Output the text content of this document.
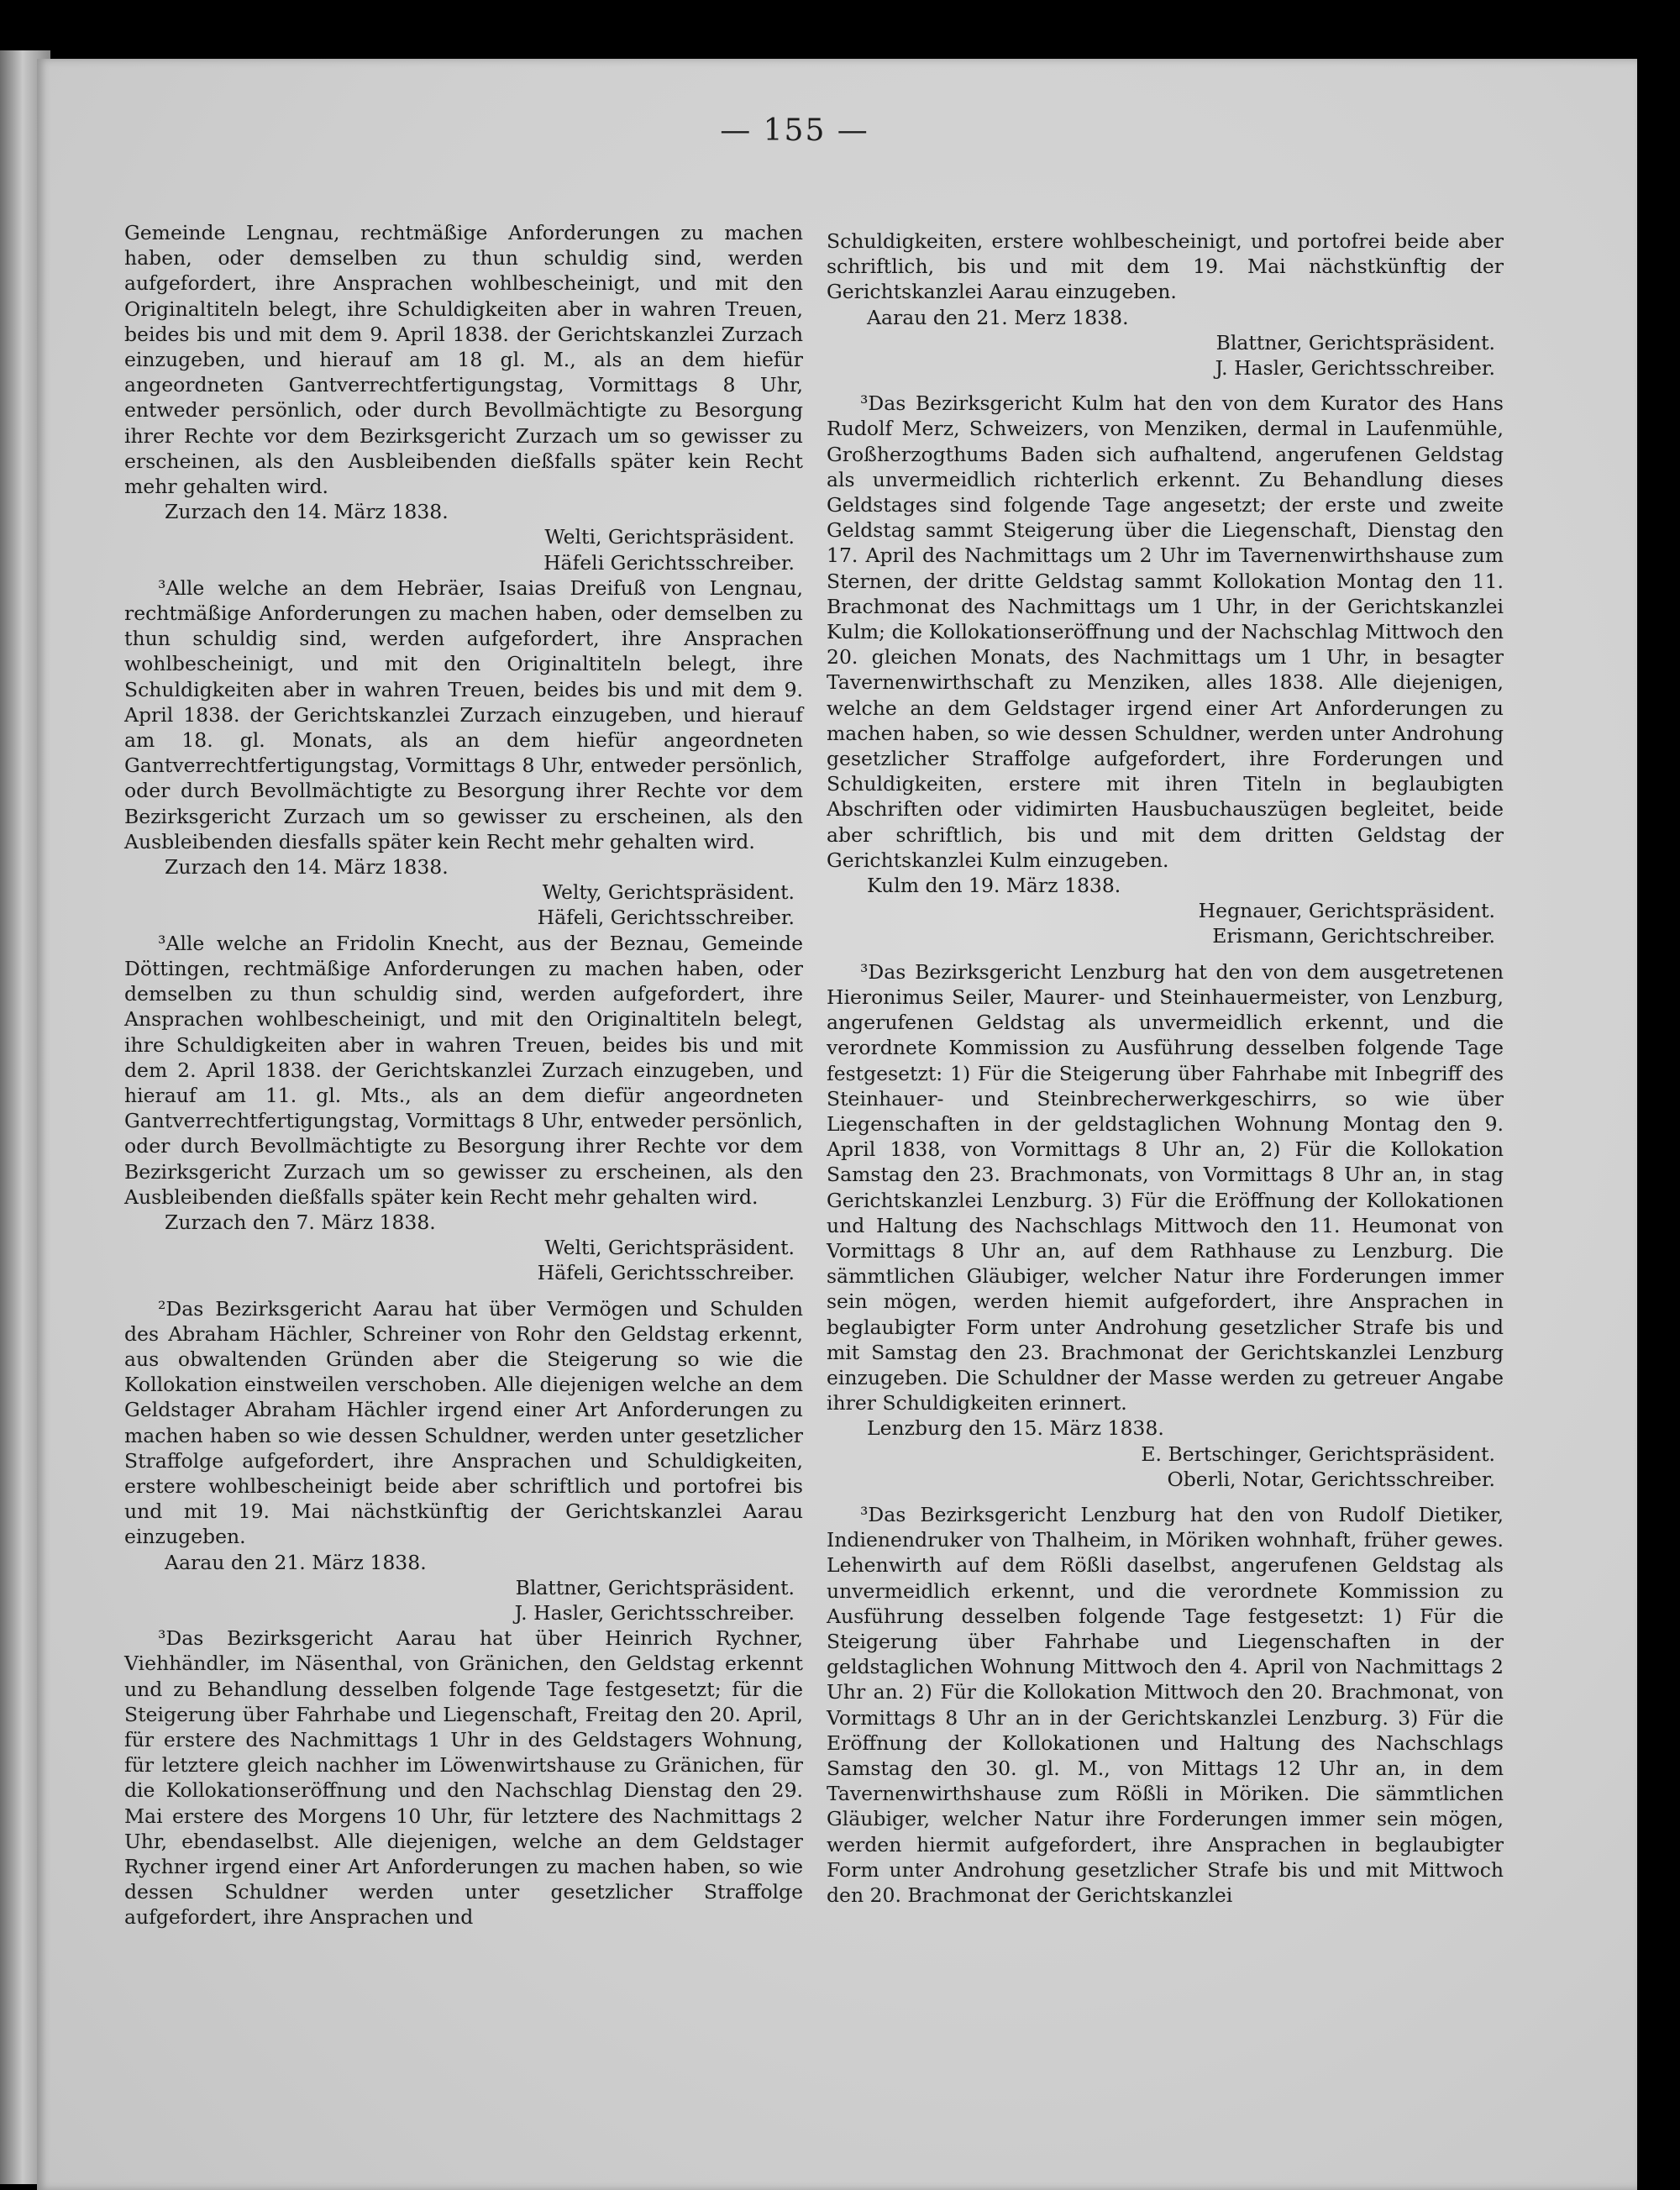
— 155 —

Gemeinde Lengnau, rechtmäßige Anforderungen zu machen haben, oder demselben zu thun schuldig sind, werden aufgefordert, ihre Ansprachen wohlbescheinigt, und mit den Originaltiteln belegt, ihre Schuldigkeiten aber in wahren Treuen, beides bis und mit dem 9. April 1838. der Gerichtskanzlei Zurzach einzugeben, und hierauf am 18 gl. M., als an dem hiefür angeordneten Gantverrechtfertigungstag, Vormittags 8 Uhr, entweder persönlich, oder durch Bevollmächtigte zu Besorgung ihrer Rechte vor dem Bezirksgericht Zurzach um so gewisser zu erscheinen, als den Ausbleibenden dießfalls später kein Recht mehr gehalten wird.

Zurzach den 14. März 1838.

Welti, Gerichtspräsident.

Häfeli Gerichtsschreiber.

³Alle welche an dem Hebräer, Isaias Dreifuß von Lengnau, rechtmäßige Anforderungen zu machen haben, oder demselben zu thun schuldig sind, werden aufgefordert, ihre Ansprachen wohlbescheinigt, und mit den Originaltiteln belegt, ihre Schuldigkeiten aber in wahren Treuen, beides bis und mit dem 9. April 1838. der Gerichtskanzlei Zurzach einzugeben, und hierauf am 18. gl. Monats, als an dem hiefür angeordneten Gantverrechtfertigungstag, Vormittags 8 Uhr, entweder persönlich, oder durch Bevollmächtigte zu Besorgung ihrer Rechte vor dem Bezirksgericht Zurzach um so gewisser zu erscheinen, als den Ausbleibenden diesfalls später kein Recht mehr gehalten wird.

Zurzach den 14. März 1838.

Welty, Gerichtspräsident.

Häfeli, Gerichtsschreiber.

³Alle welche an Fridolin Knecht, aus der Beznau, Gemeinde Döttingen, rechtmäßige Anforderungen zu machen haben, oder demselben zu thun schuldig sind, werden aufgefordert, ihre Ansprachen wohlbescheinigt, und mit den Originaltiteln belegt, ihre Schuldigkeiten aber in wahren Treuen, beides bis und mit dem 2. April 1838. der Gerichtskanzlei Zurzach einzugeben, und hierauf am 11. gl. Mts., als an dem diefür angeordneten Gantverrechtfertigungstag, Vormittags 8 Uhr, entweder persönlich, oder durch Bevollmächtigte zu Besorgung ihrer Rechte vor dem Bezirksgericht Zurzach um so gewisser zu erscheinen, als den Ausbleibenden dießfalls später kein Recht mehr gehalten wird.

Zurzach den 7. März 1838.

Welti, Gerichtspräsident.

Häfeli, Gerichtsschreiber.

²Das Bezirksgericht Aarau hat über Vermögen und Schulden des Abraham Hächler, Schreiner von Rohr den Geldstag erkennt, aus obwaltenden Gründen aber die Steigerung so wie die Kollokation einstweilen verschoben. Alle diejenigen welche an dem Geldstager Abraham Hächler irgend einer Art Anforderungen zu machen haben so wie dessen Schuldner, werden unter gesetzlicher Straffolge aufgefordert, ihre Ansprachen und Schuldigkeiten, erstere wohlbescheinigt beide aber schriftlich und portofrei bis und mit 19. Mai nächstkünftig der Gerichtskanzlei Aarau einzugeben.

Aarau den 21. März 1838.

Blattner, Gerichtspräsident.

J. Hasler, Gerichtsschreiber.

³Das Bezirksgericht Aarau hat über Heinrich Rychner, Viehhändler, im Näsenthal, von Gränichen, den Geldstag erkennt und zu Behandlung desselben folgende Tage festgesetzt; für die Steigerung über Fahrhabe und Liegenschaft, Freitag den 20. April, für erstere des Nachmittags 1 Uhr in des Geldstagers Wohnung, für letztere gleich nachher im Löwenwirtshause zu Gränichen, für die Kollokationseröffnung und den Nachschlag Dienstag den 29. Mai erstere des Morgens 10 Uhr, für letztere des Nachmittags 2 Uhr, ebendaselbst. Alle diejenigen, welche an dem Geldstager Rychner irgend einer Art Anforderungen zu machen haben, so wie dessen Schuldner werden unter gesetzlicher Straffolge aufgefordert, ihre Ansprachen und

Schuldigkeiten, erstere wohlbescheinigt, und portofrei beide aber schriftlich, bis und mit dem 19. Mai nächstkünftig der Gerichtskanzlei Aarau einzugeben.

Aarau den 21. Merz 1838.

Blattner, Gerichtspräsident.

J. Hasler, Gerichtsschreiber.

³Das Bezirksgericht Kulm hat den von dem Kurator des Hans Rudolf Merz, Schweizers, von Menziken, dermal in Laufenmühle, Großherzogthums Baden sich aufhaltend, angerufenen Geldstag als unvermeidlich richterlich erkennt. Zu Behandlung dieses Geldstages sind folgende Tage angesetzt; der erste und zweite Geldstag sammt Steigerung über die Liegenschaft, Dienstag den 17. April des Nachmittags um 2 Uhr im Tavernenwirthshause zum Sternen, der dritte Geldstag sammt Kollokation Montag den 11. Brachmonat des Nachmittags um 1 Uhr, in der Gerichtskanzlei Kulm; die Kollokationseröffnung und der Nachschlag Mittwoch den 20. gleichen Monats, des Nachmittags um 1 Uhr, in besagter Tavernenwirthschaft zu Menziken, alles 1838. Alle diejenigen, welche an dem Geldstager irgend einer Art Anforderungen zu machen haben, so wie dessen Schuldner, werden unter Androhung gesetzlicher Straffolge aufgefordert, ihre Forderungen und Schuldigkeiten, erstere mit ihren Titeln in beglaubigten Abschriften oder vidimirten Hausbuchauszügen begleitet, beide aber schriftlich, bis und mit dem dritten Geldstag der Gerichtskanzlei Kulm einzugeben.

Kulm den 19. März 1838.

Hegnauer, Gerichtspräsident.

Erismann, Gerichtschreiber.

³Das Bezirksgericht Lenzburg hat den von dem ausgetretenen Hieronimus Seiler, Maurer- und Steinhauermeister, von Lenzburg, angerufenen Geldstag als unvermeidlich erkennt, und die verordnete Kommission zu Ausführung desselben folgende Tage festgesetzt: 1) Für die Steigerung über Fahrhabe mit Inbegriff des Steinhauer- und Steinbrecherwerkgeschirrs, so wie über Liegenschaften in der geldstaglichen Wohnung Montag den 9. April 1838, von Vormittags 8 Uhr an, 2) Für die Kollokation Samstag den 23. Brachmonats, von Vormittags 8 Uhr an, in stag Gerichtskanzlei Lenzburg. 3) Für die Eröffnung der Kollokationen und Haltung des Nachschlags Mittwoch den 11. Heumonat von Vormittags 8 Uhr an, auf dem Rathhause zu Lenzburg. Die sämmtlichen Gläubiger, welcher Natur ihre Forderungen immer sein mögen, werden hiemit aufgefordert, ihre Ansprachen in beglaubigter Form unter Androhung gesetzlicher Strafe bis und mit Samstag den 23. Brachmonat der Gerichtskanzlei Lenzburg einzugeben. Die Schuldner der Masse werden zu getreuer Angabe ihrer Schuldigkeiten erinnert.

Lenzburg den 15. März 1838.

E. Bertschinger, Gerichtspräsident.

Oberli, Notar, Gerichtsschreiber.

³Das Bezirksgericht Lenzburg hat den von Rudolf Dietiker, Indienendruker von Thalheim, in Möriken wohnhaft, früher gewes. Lehenwirth auf dem Rößli daselbst, angerufenen Geldstag als unvermeidlich erkennt, und die verordnete Kommission zu Ausführung desselben folgende Tage festgesetzt: 1) Für die Steigerung über Fahrhabe und Liegenschaften in der geldstaglichen Wohnung Mittwoch den 4. April von Nachmittags 2 Uhr an. 2) Für die Kollokation Mittwoch den 20. Brachmonat, von Vormittags 8 Uhr an in der Gerichtskanzlei Lenzburg. 3) Für die Eröffnung der Kollokationen und Haltung des Nachschlags Samstag den 30. gl. M., von Mittags 12 Uhr an, in dem Tavernenwirthshause zum Rößli in Möriken. Die sämmtlichen Gläubiger, welcher Natur ihre Forderungen immer sein mögen, werden hiermit aufgefordert, ihre Ansprachen in beglaubigter Form unter Androhung gesetzlicher Strafe bis und mit Mittwoch den 20. Brachmonat der Gerichtskanzlei
